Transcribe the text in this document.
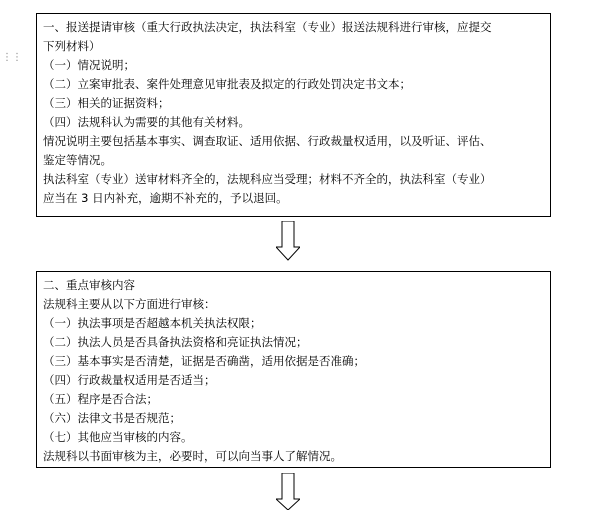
⋮⋮
一、报送提请审核（重大行政执法决定，执法科室（专业）报送法规科进行审核，应提交
下列材料）
（一）情况说明；
（二）立案审批表、案件处理意见审批表及拟定的行政处罚决定书文本；
（三）相关的证据资料；
（四）法规科认为需要的其他有关材料。
情况说明主要包括基本事实、调查取证、适用依据、行政裁量权适用，以及听证、评估、
鉴定等情况。
执法科室（专业）送审材料齐全的，法规科应当受理；材料不齐全的，执法科室（专业）
应当在 3 日内补充，逾期不补充的，予以退回。
二、重点审核内容
法规科主要从以下方面进行审核：
（一）执法事项是否超越本机关执法权限；
（二）执法人员是否具备执法资格和亮证执法情况；
（三）基本事实是否清楚，证据是否确凿，适用依据是否准确；
（四）行政裁量权适用是否适当；
（五）程序是否合法；
（六）法律文书是否规范；
（七）其他应当审核的内容。
法规科以书面审核为主，必要时，可以向当事人了解情况。
